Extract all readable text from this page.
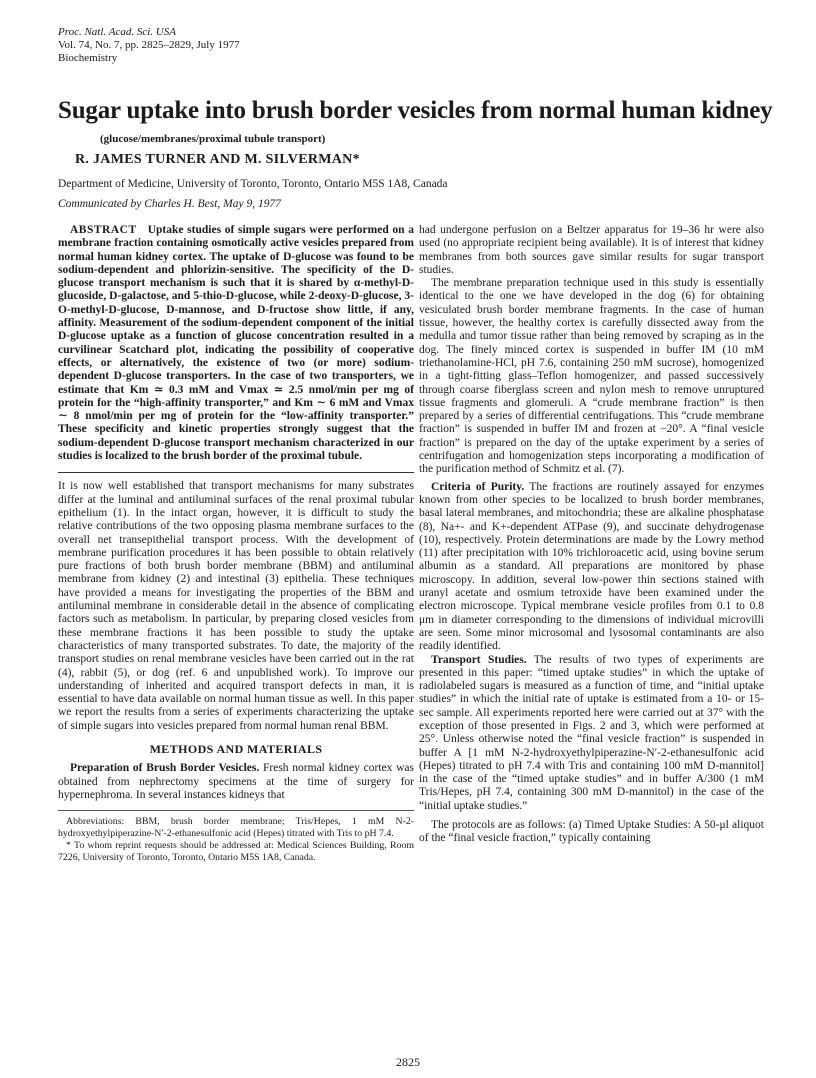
Proc. Natl. Acad. Sci. USA
Vol. 74, No. 7, pp. 2825–2829, July 1977
Biochemistry
Sugar uptake into brush border vesicles from normal human kidney
(glucose/membranes/proximal tubule transport)
R. JAMES TURNER AND M. SILVERMAN*
Department of Medicine, University of Toronto, Toronto, Ontario M5S 1A8, Canada
Communicated by Charles H. Best, May 9, 1977

ABSTRACT Uptake studies of simple sugars were performed on a membrane fraction containing osmotically active vesicles prepared from normal human kidney cortex. The uptake of D-glucose was found to be sodium-dependent and phlorizin-sensitive. The specificity of the D-glucose transport mechanism is such that it is shared by α-methyl-D-glucoside, D-galactose, and 5-thio-D-glucose, while 2-deoxy-D-glucose, 3-O-methyl-D-glucose, D-mannose, and D-fructose show little, if any, affinity. Measurement of the sodium-dependent component of the initial D-glucose uptake as a function of glucose concentration resulted in a curvilinear Scatchard plot, indicating the possibility of cooperative effects, or alternatively, the existence of two (or more) sodium-dependent D-glucose transporters. In the case of two transporters, we estimate that Km ≃ 0.3 mM and Vmax ≃ 2.5 nmol/min per mg of protein for the “high-affinity transporter,” and Km ∼ 6 mM and Vmax ∼ 8 nmol/min per mg of protein for the “low-affinity transporter.” These specificity and kinetic properties strongly suggest that the sodium-dependent D-glucose transport mechanism characterized in our studies is localized to the brush border of the proximal tubule.

It is now well established that transport mechanisms for many substrates differ at the luminal and antiluminal surfaces of the renal proximal tubular epithelium (1). In the intact organ, however, it is difficult to study the relative contributions of the two opposing plasma membrane surfaces to the overall net transepithelial transport process. With the development of membrane purification procedures it has been possible to obtain relatively pure fractions of both brush border membrane (BBM) and antiluminal membrane from kidney (2) and intestinal (3) epithelia. These techniques have provided a means for investigating the properties of the BBM and antiluminal membrane in considerable detail in the absence of complicating factors such as metabolism. In particular, by preparing closed vesicles from these membrane fractions it has been possible to study the uptake characteristics of many transported substrates. To date, the majority of the transport studies on renal membrane vesicles have been carried out in the rat (4), rabbit (5), or dog (ref. 6 and unpublished work). To improve our understanding of inherited and acquired transport defects in man, it is essential to have data available on normal human tissue as well. In this paper we report the results from a series of experiments characterizing the uptake of simple sugars into vesicles prepared from normal human renal BBM.

METHODS AND MATERIALS

Preparation of Brush Border Vesicles. Fresh normal kidney cortex was obtained from nephrectomy specimens at the time of surgery for hypernephroma. In several instances kidneys that

Abbreviations: BBM, brush border membrane; Tris/Hepes, 1 mM N-2-hydroxyethylpiperazine-N′-2-ethanesulfonic acid (Hepes) titrated with Tris to pH 7.4.

* To whom reprint requests should be addressed at: Medical Sciences Building, Room 7226, University of Toronto, Toronto, Ontario M5S 1A8, Canada.

had undergone perfusion on a Beltzer apparatus for 19–36 hr were also used (no appropriate recipient being available). It is of interest that kidney membranes from both sources gave similar results for sugar transport studies.

The membrane preparation technique used in this study is essentially identical to the one we have developed in the dog (6) for obtaining vesiculated brush border membrane fragments. In the case of human tissue, however, the healthy cortex is carefully dissected away from the medulla and tumor tissue rather than being removed by scraping as in the dog. The finely minced cortex is suspended in buffer IM (10 mM triethanolamine-HCl, pH 7.6, containing 250 mM sucrose), homogenized in a tight-fitting glass–Teflon homogenizer, and passed successively through coarse fiberglass screen and nylon mesh to remove unruptured tissue fragments and glomeruli. A “crude membrane fraction” is then prepared by a series of differential centrifugations. This “crude membrane fraction” is suspended in buffer IM and frozen at −20°. A “final vesicle fraction” is prepared on the day of the uptake experiment by a series of centrifugation and homogenization steps incorporating a modification of the purification method of Schmitz et al. (7).

Criteria of Purity. The fractions are routinely assayed for enzymes known from other species to be localized to brush border membranes, basal lateral membranes, and mitochondria; these are alkaline phosphatase (8), Na+- and K+-dependent ATPase (9), and succinate dehydrogenase (10), respectively. Protein determinations are made by the Lowry method (11) after precipitation with 10% trichloroacetic acid, using bovine serum albumin as a standard. All preparations are monitored by phase microscopy. In addition, several low-power thin sections stained with uranyl acetate and osmium tetroxide have been examined under the electron microscope. Typical membrane vesicle profiles from 0.1 to 0.8 μm in diameter corresponding to the dimensions of individual microvilli are seen. Some minor microsomal and lysosomal contaminants are also readily identified.

Transport Studies. The results of two types of experiments are presented in this paper: “timed uptake studies” in which the uptake of radiolabeled sugars is measured as a function of time, and “initial uptake studies” in which the initial rate of uptake is estimated from a 10- or 15-sec sample. All experiments reported here were carried out at 37° with the exception of those presented in Figs. 2 and 3, which were performed at 25°. Unless otherwise noted the “final vesicle fraction” is suspended in buffer A [1 mM N-2-hydroxyethylpiperazine-N′-2-ethanesulfonic acid (Hepes) titrated to pH 7.4 with Tris and containing 100 mM D-mannitol] in the case of the “timed uptake studies” and in buffer A/300 (1 mM Tris/Hepes, pH 7.4, containing 300 mM D-mannitol) in the case of the “initial uptake studies.”

The protocols are as follows: (a) Timed Uptake Studies: A 50-μl aliquot of the “final vesicle fraction,” typically containing

2825
